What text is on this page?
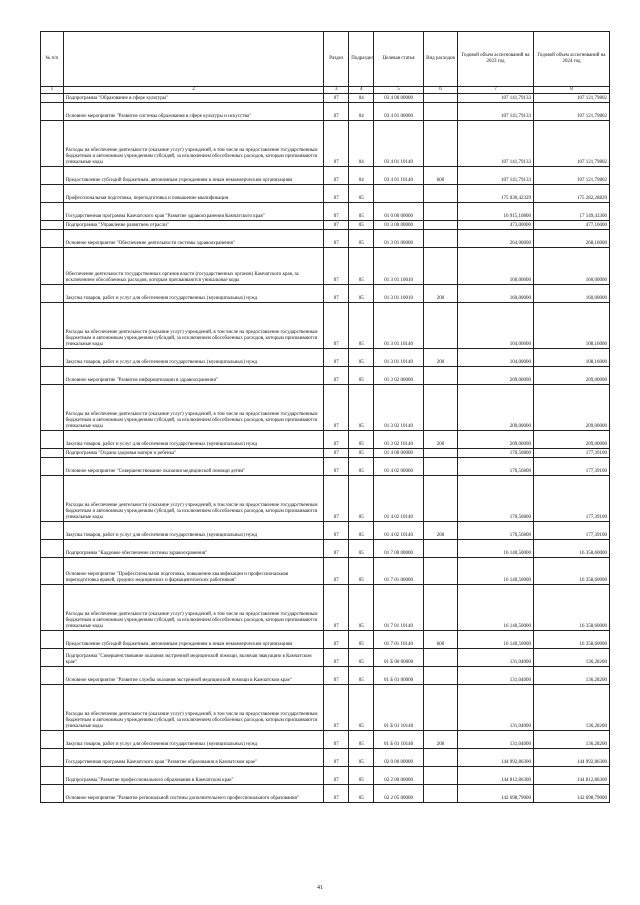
№ п/п		Раздел	Подраздел	Целевая статья	Вид расходов	Годовой объем ассигнований на 2023 год	Годовой объем ассигнований на 2024 год
1	2	3	4	5	6	7	8
	Подпрограмма "Образование в сфере культуры"	07	04	03 4 00 00000		107 141,79133	107 121,79802
	Основное мероприятие "Развитие системы образования в сфере культуры и искусства"	07	04	03 4 01 00000		107 141,79133	107 121,79802
	Расходы на обеспечение деятельности (оказание услуг) учреждений, в том числе на предоставление государственным бюджетным и автономным учреждениям субсидий, за исключением обособленных расходов, которым присваиваются уникальные коды	07	04	03 4 01 10140		107 141,79133	107 121,79802
	Предоставление субсидий бюджетным, автономным учреждениям и иным некоммерческим организациям	07	04	03 4 01 10140	600	107 141,79133	107 121,79802
	Профессиональная подготовка, переподготовка и повышение квалификации	07	05			175 030,42329	175 282,28829
	Государственная программа Камчатского края "Развитие здравоохранения Камчатского края"	07	05	01 0 00 00000		16 915,10800	17 149,43300
	Подпрограмма "Управление развитием отрасли"	07	05	01 3 00 00000		473,00000	477,16000
	Основное мероприятие "Обеспечение деятельности системы здравоохранения"	07	05	01 3 01 00000		264,00000	268,16000
	Обеспечение деятельности государственных органов власти (государственных органов) Камчатского края, за исключением обособленных расходов, которым присваиваются уникальные коды	07	05	01 3 01 10010		160,00000	160,00000
	Закупка товаров, работ и услуг для обеспечения государственных (муниципальных) нужд	07	05	01 3 01 10010	200	160,00000	160,00000
	Расходы на обеспечение деятельности (оказание услуг) учреждений, в том числе на предоставление государственным бюджетным и автономным учреждениям субсидий, за исключением обособленных расходов, которым присваиваются уникальные коды	07	05	01 3 01 10140		104,00000	108,16000
	Закупка товаров, работ и услуг для обеспечения государственных (муниципальных) нужд	07	05	01 3 01 10140	200	104,00000	108,16000
	Основное мероприятие "Развитие информатизации в здравоохранении"	07	05	01 3 02 00000		209,00000	209,00000
	Расходы на обеспечение деятельности (оказание услуг) учреждений, в том числе на предоставление государственным бюджетным и автономным учреждениям субсидий, за исключением обособленных расходов, которым присваиваются уникальные коды	07	05	01 3 02 10140		209,00000	209,00000
	Закупка товаров, работ и услуг для обеспечения государственных (муниципальных) нужд	07	05	01 3 02 10140	200	209,00000	209,00000
	Подпрограмма "Охрана здоровья матери и ребенка"	07	05	01 4 00 00000		170,56800	177,39100
	Основное мероприятие "Совершенствование оказания медицинской помощи детям"	07	05	01 4 02 00000		170,56800	177,39100
	Расходы на обеспечение деятельности (оказание услуг) учреждений, в том числе на предоставление государственным бюджетным и автономным учреждениям субсидий, за исключением обособленных расходов, которым присваиваются уникальные коды	07	05	01 4 02 10140		170,56800	177,39100
	Закупка товаров, работ и услуг для обеспечения государственных (муниципальных) нужд	07	05	01 4 02 10140	200	170,56800	177,39100
	Подпрограмма "Кадровое обеспечение системы здравоохранения"	07	05	01 7 00 00000		16 140,50000	16 358,60000
	Основное мероприятие "Профессиональная подготовка, повышение квалификации и профессиональная переподготовка врачей, средних медицинских и фармацевтических работников"	07	05	01 7 01 00000		16 140,50000	16 358,60000
	Расходы на обеспечение деятельности (оказание услуг) учреждений, в том числе на предоставление государственным бюджетным и автономным учреждениям субсидий, за исключением обособленных расходов, которым присваиваются уникальные коды	07	05	01 7 01 10140		16 140,50000	16 358,60000
	Предоставление субсидий бюджетным, автономным учреждениям и иным некоммерческим организациям	07	05	01 7 01 10140	600	16 140,50000	16 358,60000
	Подпрограмма "Совершенствование оказания экстренной медицинской помощи, включая эвакуацию в Камчатском крае"	07	05	01 Б 00 00000		131,04000	136,28200
	Основное мероприятие "Развитие службы оказания экстренной медицинской помощи в Камчатском крае"	07	05	01 Б 01 00000		131,04000	136,28200
	Расходы на обеспечение деятельности (оказание услуг) учреждений, в том числе на предоставление государственным бюджетным и автономным учреждениям субсидий, за исключением обособленных расходов, которым присваиваются уникальные коды	07	05	01 Б 01 10140		131,04000	136,28200
	Закупка товаров, работ и услуг для обеспечения государственных (муниципальных) нужд	07	05	01 Б 01 10140	200	131,04000	136,28200
	Государственная программа Камчатского края "Развитие образования в Камчатском крае"	07	05	02 0 00 00000		144 992,86300	144 992,86300
	Подпрограмма "Развитие профессионального образования в Камчатском крае"	07	05	02 2 00 00000		144 812,86300	144 812,86300
	Основное мероприятие "Развитие региональной системы дополнительного профессионального образования"	07	05	02 2 05 00000		142 698,79000	142 698,79000
41
